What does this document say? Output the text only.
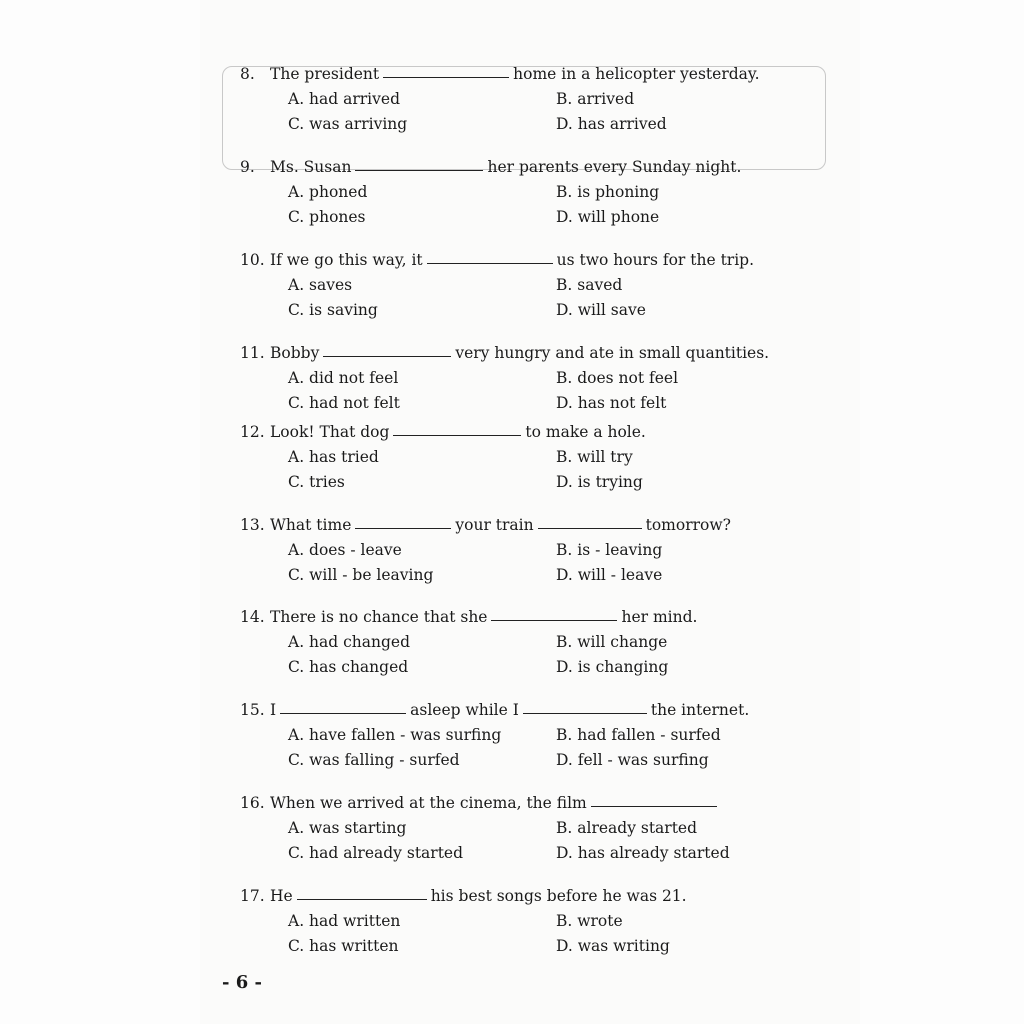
8. The president	home in a helicopter yesterday.
A. had arrived	B. arrived
C. was arriving	D. has arrived
9. Ms. Susan	her parents every Sunday night.
A. phoned	B. is phoning
C. phones	D. will phone
10. If we go this way, it	us two hours for the trip.
A. saves	B. saved
C. is saving	D. will save
11. Bobby	very hungry and ate in small quantities.
A. did not feel	B. does not feel
C. had not felt	D. has not felt
12. Look! That dog	to make a hole.
A. has tried	B. will try
C. tries	D. is trying
13. What time	your train	tomorrow?
A. does - leave	B. is - leaving
C. will - be leaving	D. will - leave
14. There is no chance that she	her mind.
A. had changed	B. will change
C. has changed	D. is changing
15. I	asleep while I	the internet.
A. have fallen - was surfing	B. had fallen - surfed
C. was falling - surfed	D. fell - was surfing
16. When we arrived at the cinema, the film
A. was starting	B. already started
C. had already started	D. has already started
17. He	his best songs before he was 21.
A. had written	B. wrote
C. has written	D. was writing
- 6 -
